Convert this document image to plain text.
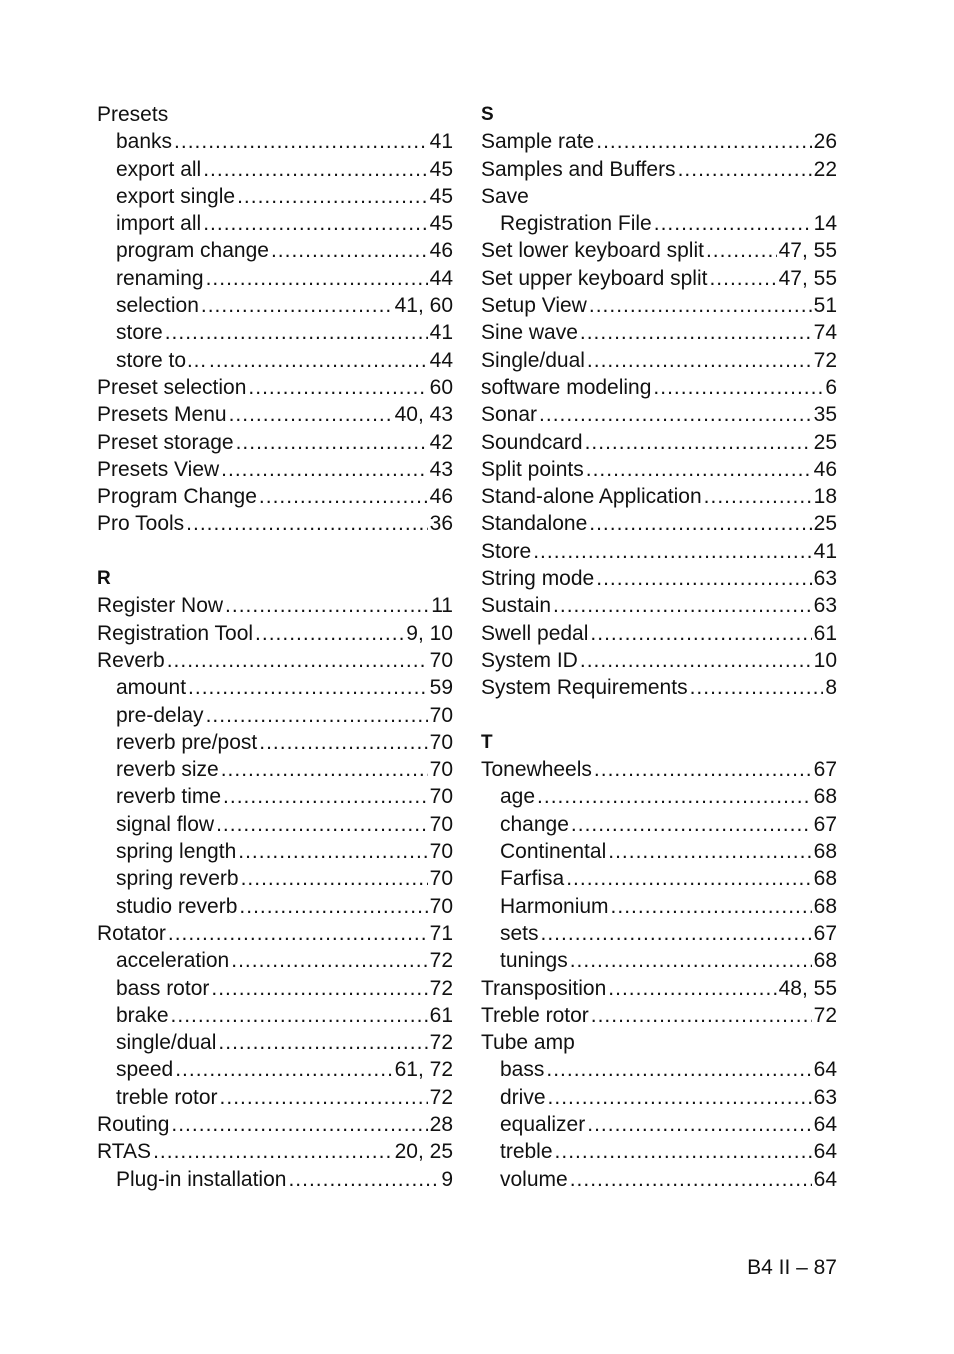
Presets
banks .....	41
export all .....	45
export single .....	45
import all .....	45
program change .....	46
renaming .....	44
selection .....	41, 60
store .....	41
store to… .....	44
Preset selection .....	60
Presets Menu .....	40, 43
Preset storage .....	42
Presets View .....	43
Program Change .....	46
Pro Tools .....	36
R
Register Now .....	11
Registration Tool .....	9, 10
Reverb .....	70
amount .....	59
pre-delay .....	70
reverb pre/post .....	70
reverb size .....	70
reverb time .....	70
signal flow .....	70
spring length .....	70
spring reverb .....	70
studio reverb .....	70
Rotator .....	71
acceleration .....	72
bass rotor .....	72
brake .....	61
single/dual .....	72
speed .....	61, 72
treble rotor .....	72
Routing .....	28
RTAS .....	20, 25
Plug-in installation .....	9
S
Sample rate .....	26
Samples and Buffers .....	22
Save
Registration File .....	14
Set lower keyboard split .....	47, 55
Set upper keyboard split .....	47, 55
Setup View .....	51
Sine wave .....	74
Single/dual .....	72
software modeling .....	6
Sonar .....	35
Soundcard .....	25
Split points .....	46
Stand-alone Application .....	18
Standalone .....	25
Store .....	41
String mode .....	63
Sustain .....	63
Swell pedal .....	61
System ID .....	10
System Requirements .....	8
T
Tonewheels .....	67
age .....	68
change .....	67
Continental .....	68
Farfisa .....	68
Harmonium .....	68
sets .....	67
tunings .....	68
Transposition .....	48, 55
Treble rotor .....	72
Tube amp
bass .....	64
drive .....	63
equalizer .....	64
treble .....	64
volume .....	64
B4 II – 87
